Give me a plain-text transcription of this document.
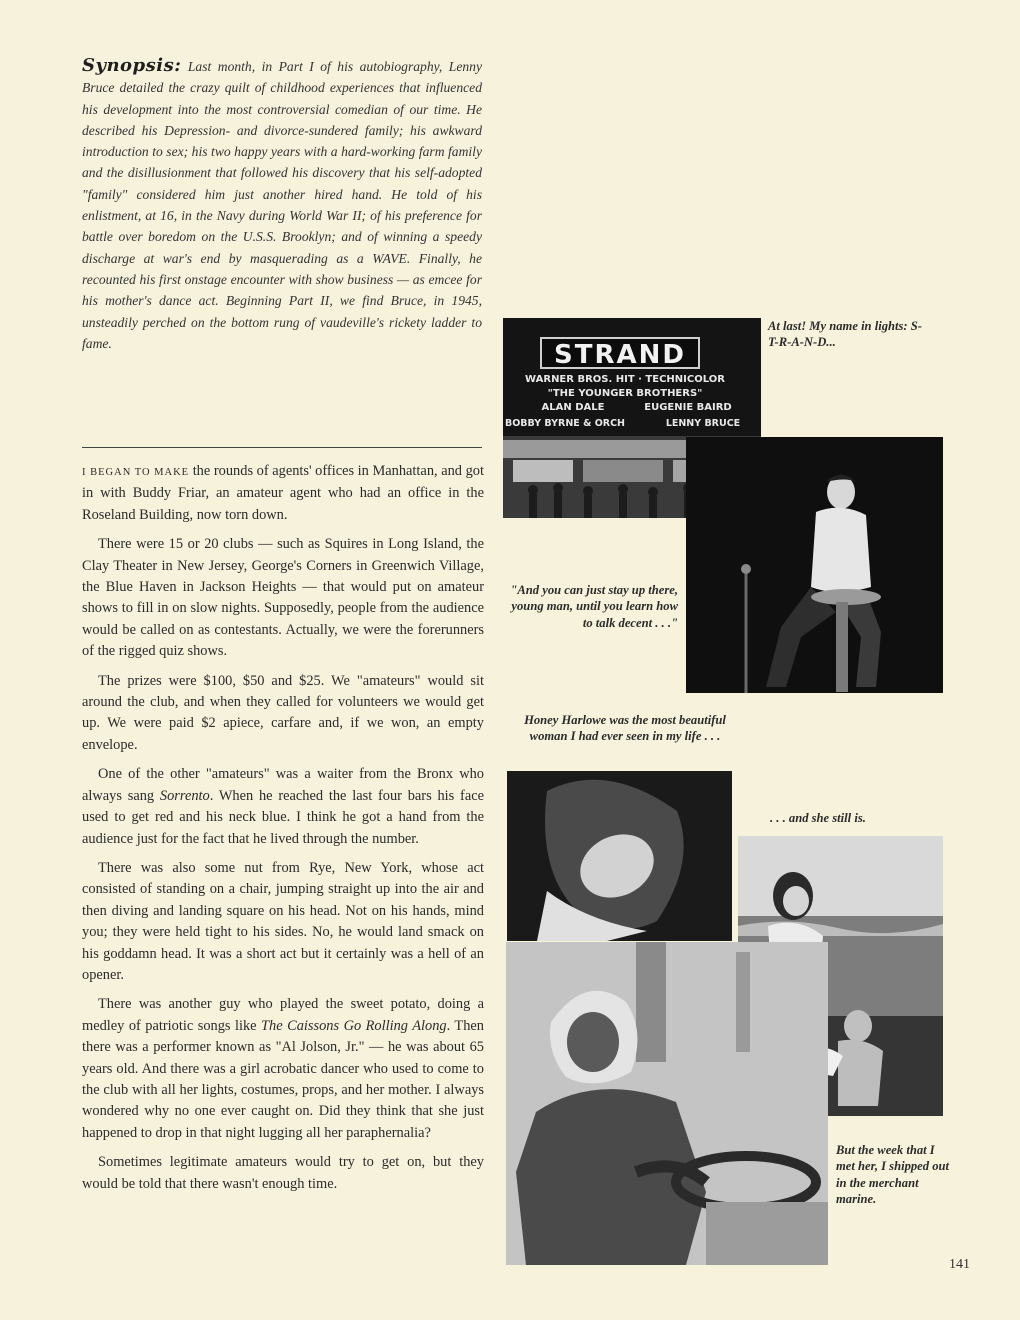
Synopsis: Last month, in Part I of his autobiography, Lenny Bruce detailed the crazy quilt of childhood experiences that influenced his development into the most controversial comedian of our time. He described his Depression- and divorce-sundered family; his awkward introduction to sex; his two happy years with a hard-working farm family and the disillusionment that followed his discovery that his self-adopted "family" considered him just another hired hand. He told of his enlistment, at 16, in the Navy during World War II; of his preference for battle over boredom on the U.S.S. Brooklyn; and of winning a speedy discharge at war's end by masquerading as a WAVE. Finally, he recounted his first onstage encounter with show business — as emcee for his mother's dance act. Beginning Part II, we find Bruce, in 1945, unsteadily perched on the bottom rung of vaudeville's rickety ladder to fame.

I BEGAN TO MAKE the rounds of agents' offices in Manhattan, and got in with Buddy Friar, an amateur agent who had an office in the Roseland Building, now torn down.

There were 15 or 20 clubs — such as Squires in Long Island, the Clay Theater in New Jersey, George's Corners in Greenwich Village, the Blue Haven in Jackson Heights — that would put on amateur shows to fill in on slow nights. Supposedly, people from the audience would be called on as contestants. Actually, we were the forerunners of the rigged quiz shows.

The prizes were $100, $50 and $25. We "amateurs" would sit around the club, and when they called for volunteers we would get up. We were paid $2 apiece, carfare and, if we won, an empty envelope.

One of the other "amateurs" was a waiter from the Bronx who always sang Sorrento. When he reached the last four bars his face used to get red and his neck blue. I think he got a hand from the audience just for the fact that he lived through the number.

There was also some nut from Rye, New York, whose act consisted of standing on a chair, jumping straight up into the air and then diving and landing square on his head. Not on his hands, mind you; they were held tight to his sides. No, he would land smack on his goddamn head. It was a short act but it certainly was a hell of an opener.

There was another guy who played the sweet potato, doing a medley of patriotic songs like The Caissons Go Rolling Along. Then there was a performer known as "Al Jolson, Jr." — he was about 65 years old. And there was a girl acrobatic dancer who used to come to the club with all her lights, costumes, props, and her mother. I always wondered why no one ever caught on. Did they think that she just happened to drop in that night lugging all her paraphernalia?

Sometimes legitimate amateurs would try to get on, but they would be told that there wasn't enough time.

STRAND
WARNER BROS. HIT · TECHNICOLOR
"THE YOUNGER BROTHERS"
ALAN DALE	EUGENIE BAIRD
BOBBY BYRNE & ORCH	LENNY BRUCE
At last! My name in lights: S-T-R-A-N-D...
"And you can just stay up there, young man, until you learn how to talk decent . . ."
Honey Harlowe was the most beautiful woman I had ever seen in my life . . .
. . . and she still is.
But the week that I met her, I shipped out in the merchant marine.
141
